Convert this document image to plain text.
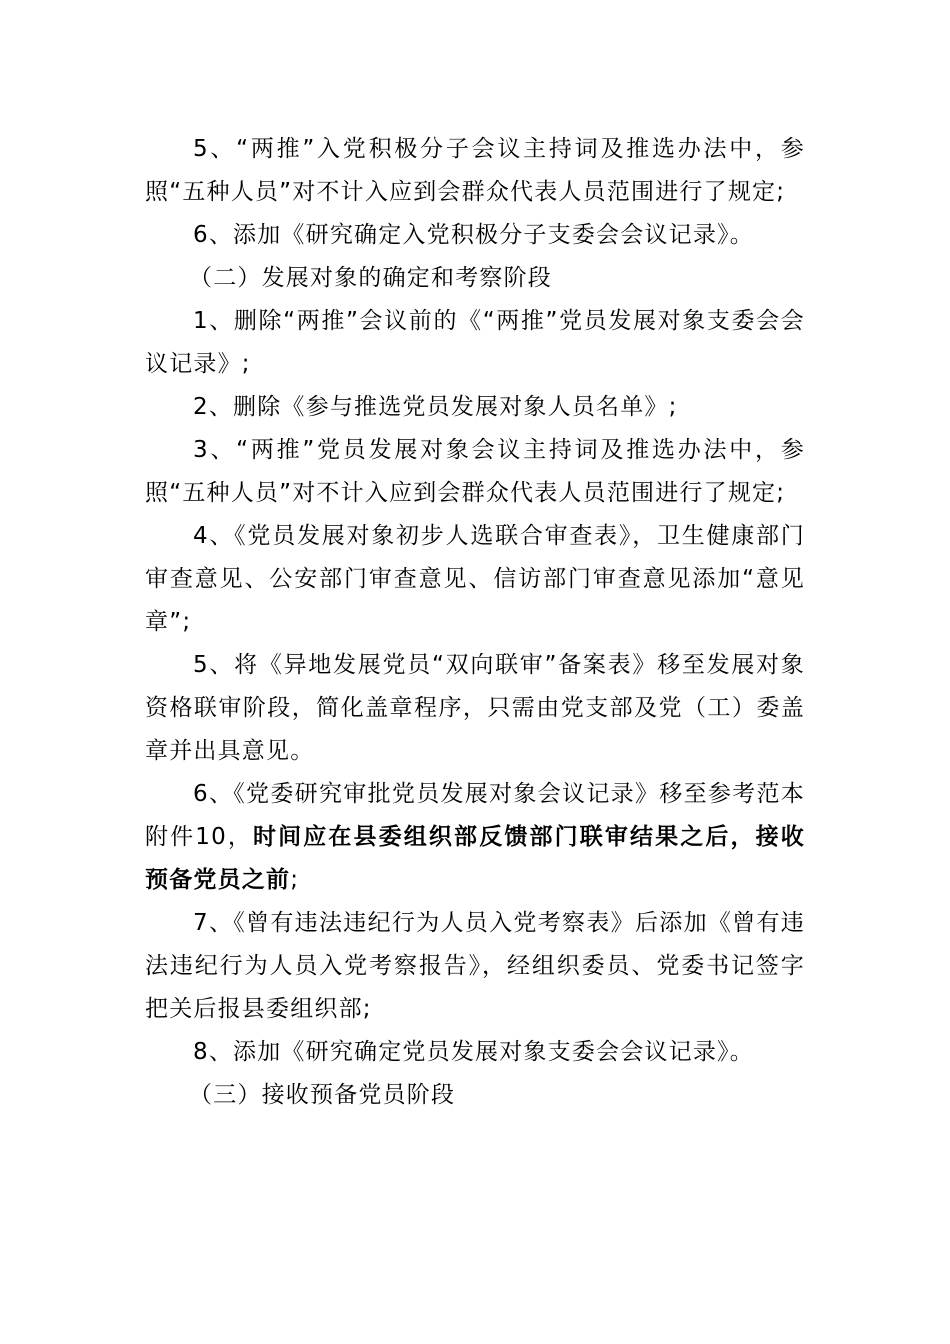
5、“两推”入党积极分子会议主持词及推选办法中，参照“五种人员”对不计入应到会群众代表人员范围进行了规定;

6、添加《研究确定入党积极分子支委会会议记录》。

（二）发展对象的确定和考察阶段

1、删除“两推”会议前的《“两推”党员发展对象支委会会议记录》;

2、删除《参与推选党员发展对象人员名单》;

3、“两推”党员发展对象会议主持词及推选办法中，参照“五种人员”对不计入应到会群众代表人员范围进行了规定;

4、《党员发展对象初步人选联合审查表》，卫生健康部门审查意见、公安部门审查意见、信访部门审查意见添加“意见章”;

5、将《异地发展党员“双向联审”备案表》移至发展对象资格联审阶段，简化盖章程序，只需由党支部及党（工）委盖章并出具意见。

6、《党委研究审批党员发展对象会议记录》移至参考范本附件10，时间应在县委组织部反馈部门联审结果之后，接收预备党员之前;

7、《曾有违法违纪行为人员入党考察表》后添加《曾有违法违纪行为人员入党考察报告》，经组织委员、党委书记签字把关后报县委组织部;

8、添加《研究确定党员发展对象支委会会议记录》。

（三）接收预备党员阶段
